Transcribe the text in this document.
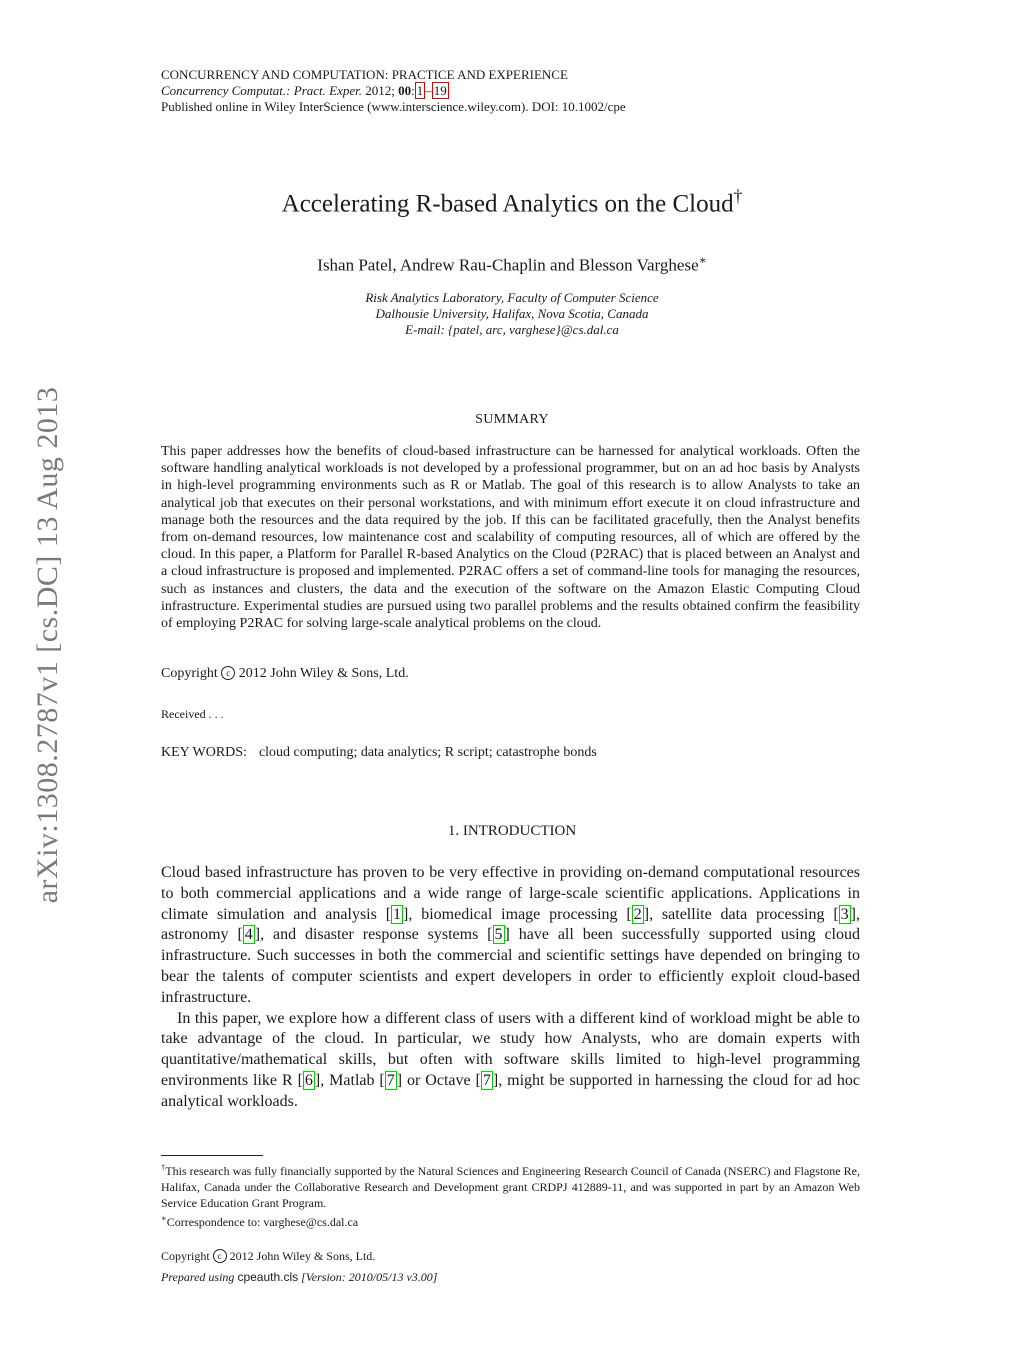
CONCURRENCY AND COMPUTATION: PRACTICE AND EXPERIENCE
Concurrency Computat.: Pract. Exper. 2012; 00: 1 – 19
Published online in Wiley InterScience (www.interscience.wiley.com). DOI: 10.1002/cpe
arXiv:1308.2787v1 [cs.DC] 13 Aug 2013
Accelerating R-based Analytics on the Cloud†
Ishan Patel, Andrew Rau-Chaplin and Blesson Varghese∗
Risk Analytics Laboratory, Faculty of Computer Science
Dalhousie University, Halifax, Nova Scotia, Canada
E-mail: {patel, arc, varghese}@cs.dal.ca
SUMMARY
This paper addresses how the benefits of cloud-based infrastructure can be harnessed for analytical workloads. Often the software handling analytical workloads is not developed by a professional programmer, but on an ad hoc basis by Analysts in high-level programming environments such as R or Matlab. The goal of this research is to allow Analysts to take an analytical job that executes on their personal workstations, and with minimum effort execute it on cloud infrastructure and manage both the resources and the data required by the job. If this can be facilitated gracefully, then the Analyst benefits from on-demand resources, low maintenance cost and scalability of computing resources, all of which are offered by the cloud. In this paper, a Platform for Parallel R-based Analytics on the Cloud (P2RAC) that is placed between an Analyst and a cloud infrastructure is proposed and implemented. P2RAC offers a set of command-line tools for managing the resources, such as instances and clusters, the data and the execution of the software on the Amazon Elastic Computing Cloud infrastructure. Experimental studies are pursued using two parallel problems and the results obtained confirm the feasibility of employing P2RAC for solving large-scale analytical problems on the cloud.
Copyright c 2012 John Wiley & Sons, Ltd.
Received . . .
KEY WORDS: cloud computing; data analytics; R script; catastrophe bonds
1. INTRODUCTION

Cloud based infrastructure has proven to be very effective in providing on-demand computational resources to both commercial applications and a wide range of large-scale scientific applications. Applications in climate simulation and analysis [ 1 ], biomedical image processing [ 2 ], satellite data processing [ 3 ], astronomy [ 4 ], and disaster response systems [ 5 ] have all been successfully supported using cloud infrastructure. Such successes in both the commercial and scientific settings have depended on bringing to bear the talents of computer scientists and expert developers in order to efficiently exploit cloud-based infrastructure.

In this paper, we explore how a different class of users with a different kind of workload might be able to take advantage of the cloud. In particular, we study how Analysts, who are domain experts with quantitative/mathematical skills, but often with software skills limited to high-level programming environments like R [ 6 ], Matlab [ 7 ] or Octave [ 7 ], might be supported in harnessing the cloud for ad hoc analytical workloads.

†This research was fully financially supported by the Natural Sciences and Engineering Research Council of Canada (NSERC) and Flagstone Re, Halifax, Canada under the Collaborative Research and Development grant CRDPJ 412889-11, and was supported in part by an Amazon Web Service Education Grant Program.

∗Correspondence to: varghese@cs.dal.ca

Copyright c 2012 John Wiley & Sons, Ltd.
Prepared using cpeauth.cls [Version: 2010/05/13 v3.00]
